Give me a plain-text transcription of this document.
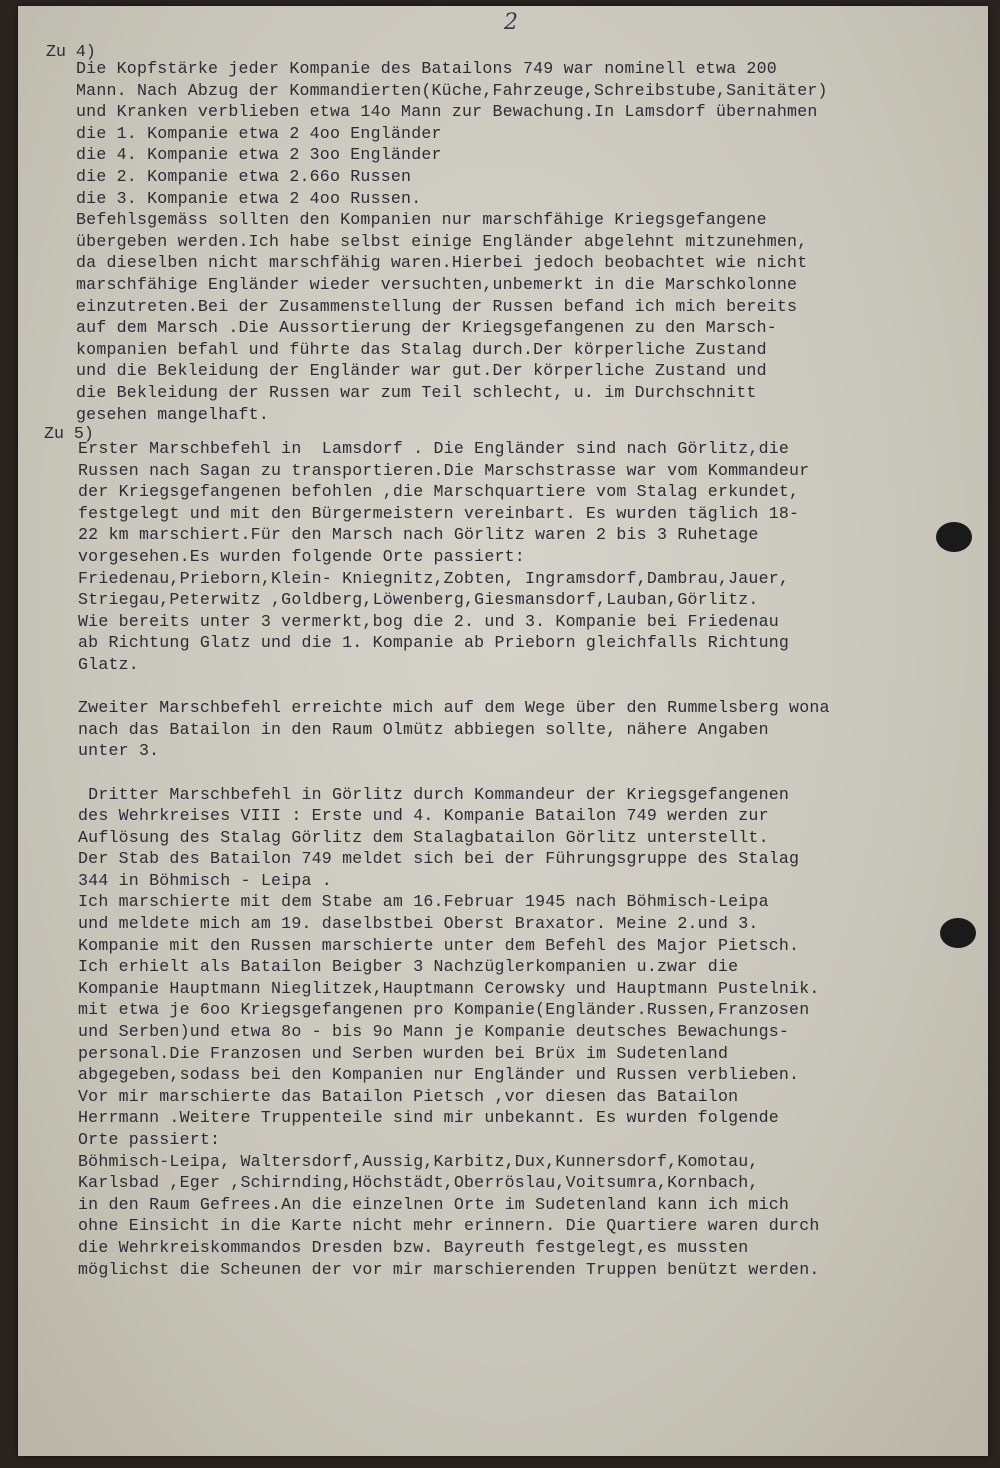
2
Zu 4)
Die Kopfstärke jeder Kompanie des Batailons 749 war nominell etwa 200
Mann. Nach Abzug der Kommandierten(Küche,Fahrzeuge,Schreibstube,Sanitäter)
und Kranken verblieben etwa 14o Mann zur Bewachung.In Lamsdorf übernahmen
die 1. Kompanie etwa 2 4oo Engländer
die 4. Kompanie etwa 2 3oo Engländer
die 2. Kompanie etwa 2.66o Russen
die 3. Kompanie etwa 2 4oo Russen.
Befehlsgemäss sollten den Kompanien nur marschfähige Kriegsgefangene
übergeben werden.Ich habe selbst einige Engländer abgelehnt mitzunehmen,
da dieselben nicht marschfähig waren.Hierbei jedoch beobachtet wie nicht
marschfähige Engländer wieder versuchten,unbemerkt in die Marschkolonne
einzutreten.Bei der Zusammenstellung der Russen befand ich mich bereits
auf dem Marsch .Die Aussortierung der Kriegsgefangenen zu den Marsch-
kompanien befahl und führte das Stalag durch.Der körperliche Zustand
und die Bekleidung der Engländer war gut.Der körperliche Zustand und
die Bekleidung der Russen war zum Teil schlecht, u. im Durchschnitt
gesehen mangelhaft.
Zu 5)
Erster Marschbefehl in  Lamsdorf . Die Engländer sind nach Görlitz,die
Russen nach Sagan zu transportieren.Die Marschstrasse war vom Kommandeur
der Kriegsgefangenen befohlen ,die Marschquartiere vom Stalag erkundet,
festgelegt und mit den Bürgermeistern vereinbart. Es wurden täglich 18-
22 km marschiert.Für den Marsch nach Görlitz waren 2 bis 3 Ruhetage
vorgesehen.Es wurden folgende Orte passiert:
Friedenau,Prieborn,Klein- Kniegnitz,Zobten, Ingramsdorf,Dambrau,Jauer,
Striegau,Peterwitz ,Goldberg,Löwenberg,Giesmansdorf,Lauban,Görlitz.
Wie bereits unter 3 vermerkt,bog die 2. und 3. Kompanie bei Friedenau
ab Richtung Glatz und die 1. Kompanie ab Prieborn gleichfalls Richtung
Glatz.
Zweiter Marschbefehl erreichte mich auf dem Wege über den Rummelsberg wona
nach das Batailon in den Raum Olmütz abbiegen sollte, nähere Angaben
unter 3.
Dritter Marschbefehl in Görlitz durch Kommandeur der Kriegsgefangenen
des Wehrkreises VIII : Erste und 4. Kompanie Batailon 749 werden zur
Auflösung des Stalag Görlitz dem Stalagbatailon Görlitz unterstellt.
Der Stab des Batailon 749 meldet sich bei der Führungsgruppe des Stalag
344 in Böhmisch - Leipa .
Ich marschierte mit dem Stabe am 16.Februar 1945 nach Böhmisch-Leipa
und meldete mich am 19. daselbstbei Oberst Braxator. Meine 2.und 3.
Kompanie mit den Russen marschierte unter dem Befehl des Major Pietsch.
Ich erhielt als Batailon Beigber 3 Nachzüglerkompanien u.zwar die
Kompanie Hauptmann Nieglitzek,Hauptmann Cerowsky und Hauptmann Pustelnik.
mit etwa je 6oo Kriegsgefangenen pro Kompanie(Engländer.Russen,Franzosen
und Serben)und etwa 8o - bis 9o Mann je Kompanie deutsches Bewachungs-
personal.Die Franzosen und Serben wurden bei Brüx im Sudetenland
abgegeben,sodass bei den Kompanien nur Engländer und Russen verblieben.
Vor mir marschierte das Batailon Pietsch ,vor diesen das Batailon
Herrmann .Weitere Truppenteile sind mir unbekannt. Es wurden folgende
Orte passiert:
Böhmisch-Leipa, Waltersdorf,Aussig,Karbitz,Dux,Kunnersdorf,Komotau,
Karlsbad ,Eger ,Schirnding,Höchstädt,Oberröslau,Voitsumra,Kornbach,
in den Raum Gefrees.An die einzelnen Orte im Sudetenland kann ich mich
ohne Einsicht in die Karte nicht mehr erinnern. Die Quartiere waren durch
die Wehrkreiskommandos Dresden bzw. Bayreuth festgelegt,es mussten
möglichst die Scheunen der vor mir marschierenden Truppen benützt werden.
